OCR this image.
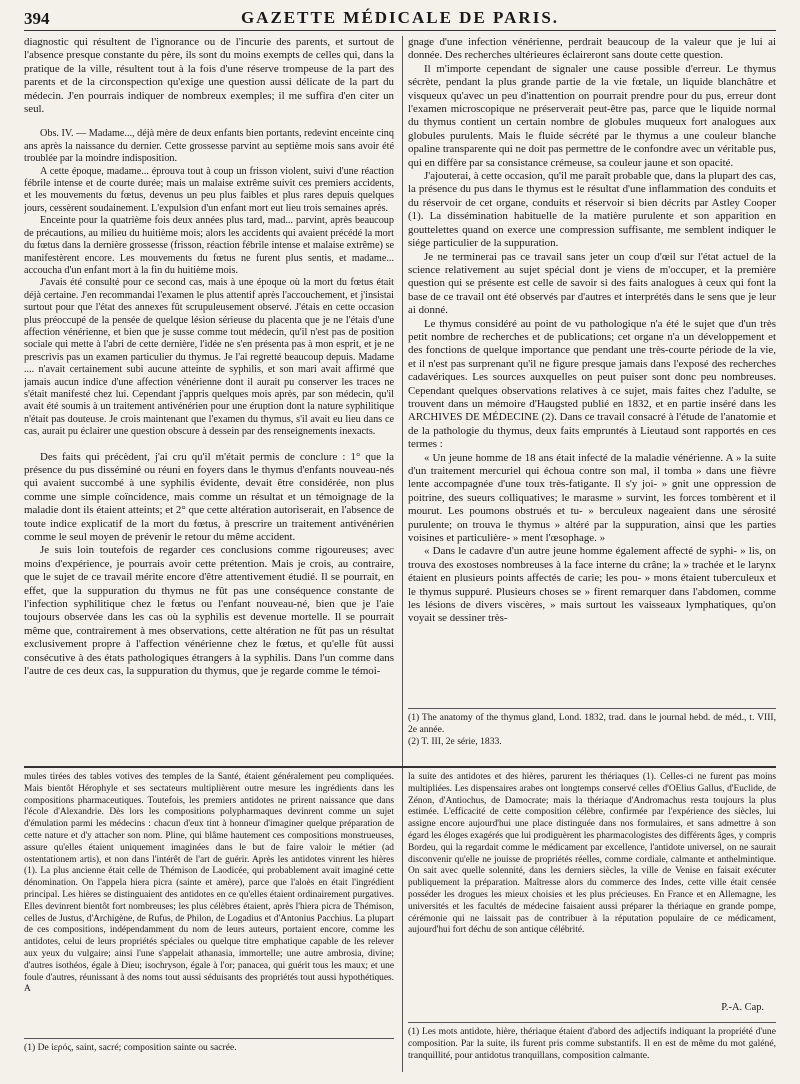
394	GAZETTE MÉDICALE DE PARIS.

diagnostic qui résultent de l'ignorance ou de l'incurie des parents, et surtout de l'absence presque constante du père, ils sont du moins exempts de celles qui, dans la pratique de la ville, résultent tout à la fois d'une réserve trompeuse de la part des parents et de la circonspection qu'exige une question aussi délicate de la part du médecin. J'en pourrais indiquer de nombreux exemples; il me suffira d'en citer un seul.

Obs. IV. — Madame..., déjà mère de deux enfants bien portants, redevint enceinte cinq ans après la naissance du dernier. Cette grossesse parvint au septième mois sans avoir été troublée par la moindre indisposition.

A cette époque, madame... éprouva tout à coup un frisson violent, suivi d'une réaction fébrile intense et de courte durée; mais un malaise extrême suivit ces premiers accidents, et les mouvements du fœtus, devenus un peu plus faibles et plus rares depuis quelques jours, cessèrent soudainement. L'expulsion d'un enfant mort eut lieu trois semaines après.

Enceinte pour la quatrième fois deux années plus tard, mad... parvint, après beaucoup de précautions, au milieu du huitième mois; alors les accidents qui avaient précédé la mort du fœtus dans la dernière grossesse (frisson, réaction fébrile intense et malaise extrême) se manifestèrent encore. Les mouvements du fœtus ne furent plus sentis, et madame... accoucha d'un enfant mort à la fin du huitième mois.

J'avais été consulté pour ce second cas, mais à une époque où la mort du fœtus était déjà certaine. J'en recommandai l'examen le plus attentif après l'accouchement, et j'insistai surtout pour que l'état des annexes fût scrupuleusement observé. J'étais en cette occasion plus préoccupé de la pensée de quelque lésion sérieuse du placenta que je ne l'étais d'une affection vénérienne, et bien que je susse comme tout médecin, qu'il n'est pas de position sociale qui mette à l'abri de cette dernière, l'idée ne s'en présenta pas à mon esprit, et je ne prescrivis pas un examen particulier du thymus. Je l'ai regretté beaucoup depuis. Madame .... n'avait certainement subi aucune atteinte de syphilis, et son mari avait affirmé que jamais aucun indice d'une affection vénérienne dont il aurait pu conserver les traces ne s'était manifesté chez lui. Cependant j'appris quelques mois après, par son médecin, qu'il avait été soumis à un traitement antivénérien pour une éruption dont la nature syphilitique n'était pas douteuse. Je crois maintenant que l'examen du thymus, s'il avait eu lieu dans ce cas, aurait pu éclairer une question obscure à dessein par des renseignements inexacts.

Des faits qui précèdent, j'ai cru qu'il m'était permis de conclure : 1° que la présence du pus disséminé ou réuni en foyers dans le thymus d'enfants nouveau-nés qui avaient succombé à une syphilis évidente, devait être considérée, non plus comme une simple coïncidence, mais comme un résultat et un témoignage de la maladie dont ils étaient atteints; et 2° que cette altération autoriserait, en l'absence de toute indice explicatif de la mort du fœtus, à prescrire un traitement antivénérien comme le seul moyen de prévenir le retour du même accident.

Je suis loin toutefois de regarder ces conclusions comme rigoureuses; avec moins d'expérience, je pourrais avoir cette prétention. Mais je crois, au contraire, que le sujet de ce travail mérite encore d'être attentivement étudié. Il se pourrait, en effet, que la suppuration du thymus ne fût pas une conséquence constante de l'infection syphilitique chez le fœtus ou l'enfant nouveau-né, bien que je l'aie toujours observée dans les cas où la syphilis est devenue mortelle. Il se pourrait même que, contrairement à mes observations, cette altération ne fût pas un résultat exclusivement propre à l'affection vénérienne chez le fœtus, et qu'elle fût aussi consécutive à des états pathologiques étrangers à la syphilis. Dans l'un comme dans l'autre de ces deux cas, la suppuration du thymus, que je regarde comme le témoi-

gnage d'une infection vénérienne, perdrait beaucoup de la valeur que je lui ai donnée. Des recherches ultérieures éclaireront sans doute cette question.

Il m'importe cependant de signaler une cause possible d'erreur. Le thymus sécrète, pendant la plus grande partie de la vie fœtale, un liquide blanchâtre et visqueux qu'avec un peu d'inattention on pourrait prendre pour du pus, erreur dont l'examen microscopique ne préserverait peut-être pas, parce que le liquide normal du thymus contient un certain nombre de globules muqueux fort analogues aux globules purulents. Mais le fluide sécrété par le thymus a une couleur blanche opaline transparente qui ne doit pas permettre de le confondre avec un véritable pus, qui en diffère par sa consistance crémeuse, sa couleur jaune et son opacité.

J'ajouterai, à cette occasion, qu'il me paraît probable que, dans la plupart des cas, la présence du pus dans le thymus est le résultat d'une inflammation des conduits et du réservoir de cet organe, conduits et réservoir si bien décrits par Astley Cooper (1). La dissémination habituelle de la matière purulente et son apparition en gouttelettes quand on exerce une compression suffisante, me semblent indiquer le siége particulier de la suppuration.

Je ne terminerai pas ce travail sans jeter un coup d'œil sur l'état actuel de la science relativement au sujet spécial dont je viens de m'occuper, et la première question qui se présente est celle de savoir si des faits analogues à ceux qui font la base de ce travail ont été observés par d'autres et interprétés dans le sens que je leur ai donné.

Le thymus considéré au point de vu pathologique n'a été le sujet que d'un très petit nombre de recherches et de publications; cet organe n'a un développement et des fonctions de quelque importance que pendant une très-courte période de la vie, et il n'est pas surprenant qu'il ne figure presque jamais dans l'exposé des recherches cadavériques. Les sources auxquelles on peut puiser sont donc peu nombreuses. Cependant quelques observations relatives à ce sujet, mais faites chez l'adulte, se trouvent dans un mémoire d'Haugsted publié en 1832, et en partie inséré dans les ARCHIVES DE MÉDECINE (2). Dans ce travail consacré à l'étude de l'anatomie et de la pathologie du thymus, deux faits empruntés à Lieutaud sont rapportés en ces termes :

« Un jeune homme de 18 ans était infecté de la maladie vénérienne. A » la suite d'un traitement mercuriel qui échoua contre son mal, il tomba » dans une fièvre lente accompagnée d'une toux très-fatigante. Il s'y joi- » gnit une oppression de poitrine, des sueurs colliquatives; le marasme » survint, les forces tombèrent et il mourut. Les poumons obstrués et tu- » berculeux nageaient dans une sérosité purulente; on trouva le thymus » altéré par la suppuration, ainsi que les parties voisines et particulière- » ment l'œsophage. »

« Dans le cadavre d'un autre jeune homme également affecté de syphi- » lis, on trouva des exostoses nombreuses à la face interne du crâne; la » trachée et le larynx étaient en plusieurs points affectés de carie; les pou- » mons étaient tuberculeux et le thymus suppuré. Plusieurs choses se » firent remarquer dans l'abdomen, comme les lésions de divers viscères, » mais surtout les vaisseaux lymphatiques, qu'on voyait se dessiner très-

(1) The anatomy of the thymus gland, Lond. 1832, trad. dans le journal hebd. de méd., t. VIII, 2e année.

(2) T. III, 2e série, 1833.

mules tirées des tables votives des temples de la Santé, étaient généralement peu compliquées. Mais bientôt Hérophyle et ses sectateurs multiplièrent outre mesure les ingrédients dans les compositions pharmaceutiques. Toutefois, les premiers antidotes ne prirent naissance que dans l'école d'Alexandrie. Dès lors les compositions polypharmaques devinrent comme un sujet d'émulation parmi les médecins : chacun d'eux tint à honneur d'imaginer quelque préparation de cette nature et d'y attacher son nom. Pline, qui blâme hautement ces compositions monstrueuses, assure qu'elles étaient uniquement imaginées dans le but de faire valoir le métier (ad ostentationem artis), et non dans l'intérêt de l'art de guérir. Après les antidotes vinrent les hières (1). La plus ancienne était celle de Thémison de Laodicée, qui probablement avait imaginé cette dénomination. On l'appela hiera picra (sainte et amère), parce que l'aloès en était l'ingrédient principal. Les hières se distinguaient des antidotes en ce qu'elles étaient ordinairement purgatives. Elles devinrent bientôt fort nombreuses; les plus célèbres étaient, après l'hiera picra de Thémison, celles de Justus, d'Archigène, de Rufus, de Philon, de Logadius et d'Antonius Pacchius. La plupart de ces compositions, indépendamment du nom de leurs auteurs, portaient encore, comme les antidotes, celui de leurs propriétés spéciales ou quelque titre emphatique capable de les relever aux yeux du vulgaire; ainsi l'une s'appelait athanasia, immortelle; une autre ambrosia, divine; d'autres isothéos, égale à Dieu; isochryson, égale à l'or; panacea, qui guérit tous les maux; et une foule d'autres, réunissant à des noms tout aussi séduisants des propriétés tout aussi hypothétiques. A

(1) De ἱερός, saint, sacré; composition sainte ou sacrée.

la suite des antidotes et des hières, parurent les thériaques (1). Celles-ci ne furent pas moins multipliées. Les dispensaires arabes ont longtemps conservé celles d'OElius Gallus, d'Euclide, de Zénon, d'Antiochus, de Damocrate; mais la thériaque d'Andromachus resta toujours la plus estimée. L'efficacité de cette composition célèbre, confirmée par l'expérience des siècles, lui assigne encore aujourd'hui une place distinguée dans nos formulaires, et sans admettre à son égard les éloges exagérés que lui prodiguèrent les pharmacologistes des différents âges, y compris Bordeu, qui la regardait comme le médicament par excellence, l'antidote universel, on ne saurait disconvenir qu'elle ne jouisse de propriétés réelles, comme cordiale, calmante et anthelmintique. On sait avec quelle solennité, dans les derniers siècles, la ville de Venise en faisait exécuter publiquement la préparation. Maîtresse alors du commerce des Indes, cette ville était censée posséder les drogues les mieux choisies et les plus précieuses. En France et en Allemagne, les universités et les facultés de médecine faisaient aussi préparer la thériaque en grande pompe, cérémonie qui ne laissait pas de contribuer à la réputation populaire de ce médicament, aujourd'hui fort déchu de son antique célébrité.

P.-A. Cap.

(1) Les mots antidote, hière, thériaque étaient d'abord des adjectifs indiquant la propriété d'une composition. Par la suite, ils furent pris comme substantifs. Il en est de même du mot galéné, tranquillité, pour antidotus tranquillans, composition calmante.
